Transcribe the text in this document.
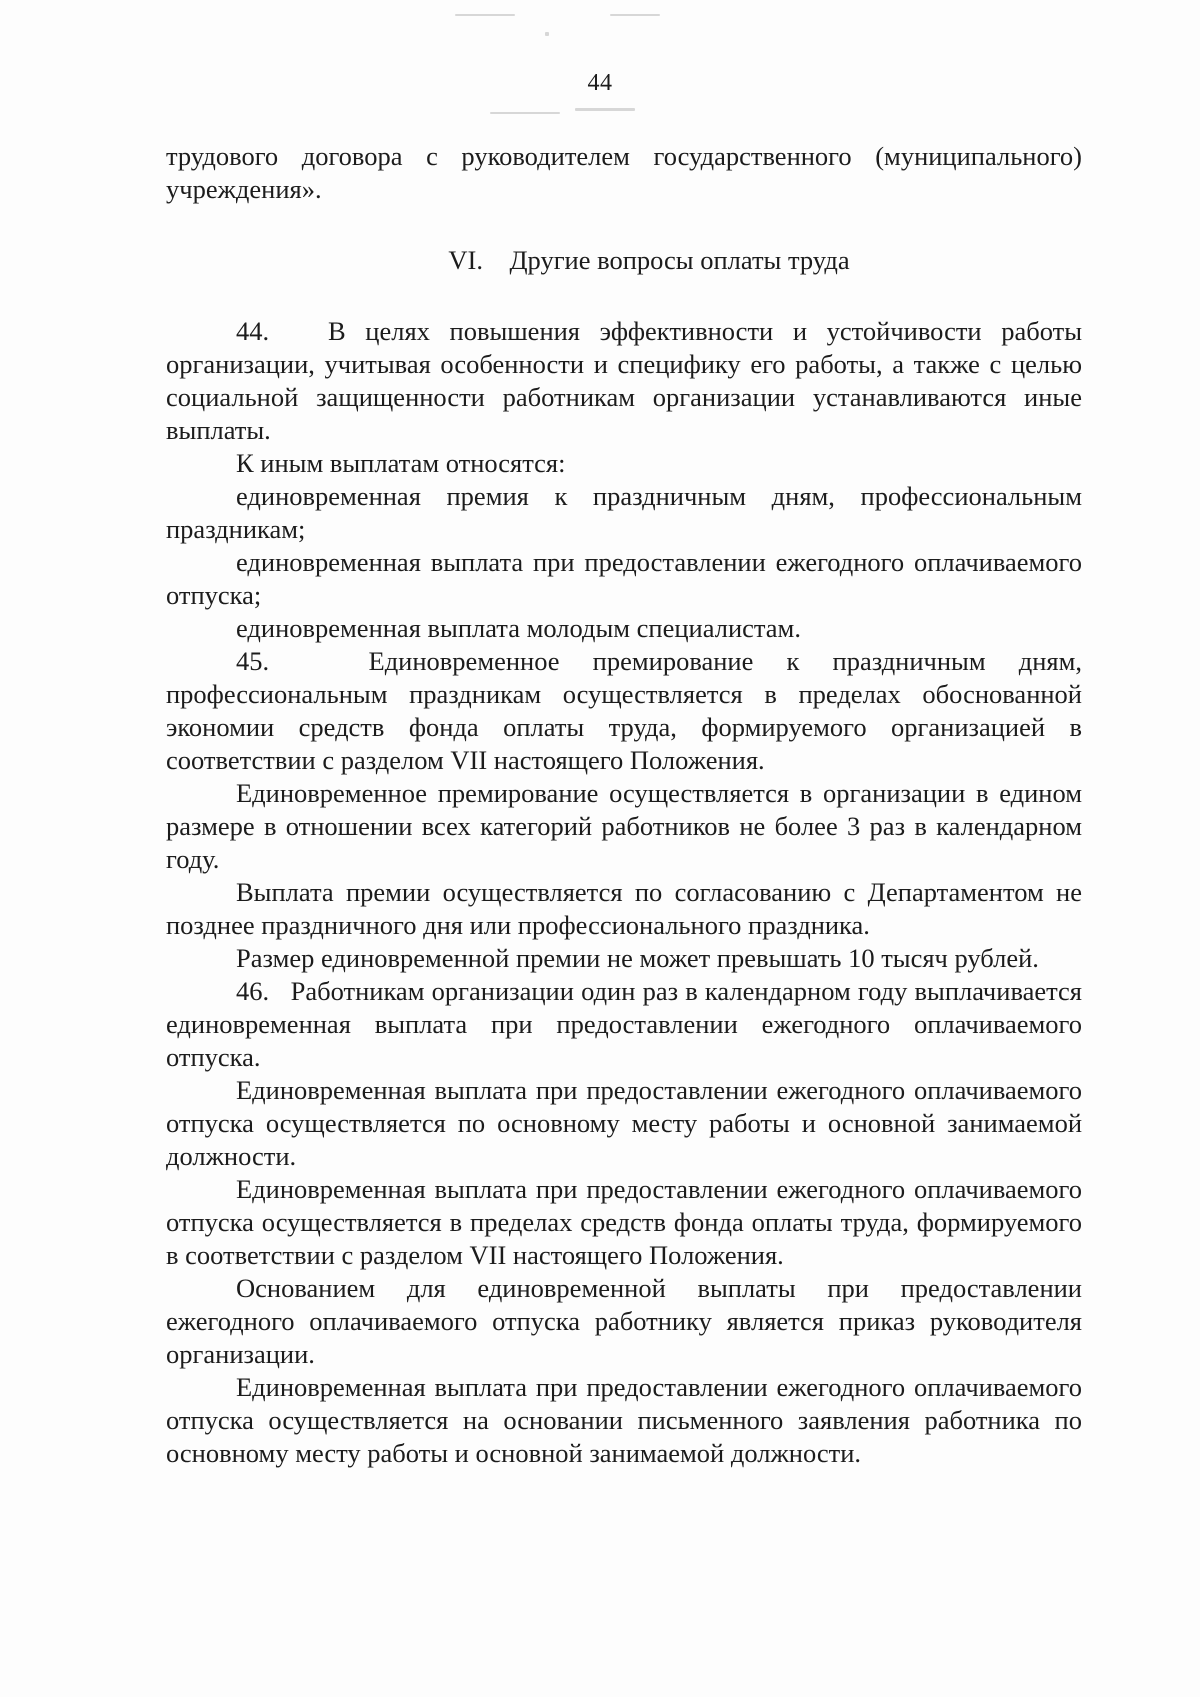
44

трудового договора с руководителем государственного (муниципального) учреждения».

VI.    Другие вопросы оплаты труда

44.   В целях повышения эффективности и устойчивости работы организации, учитывая особенности и специфику его работы, а также с целью социальной защищенности работникам организации устанавливаются иные выплаты.

К иным выплатам относятся:

единовременная премия к праздничным дням, профессиональным праздникам;

единовременная выплата при предоставлении ежегодного оплачиваемого отпуска;

единовременная выплата молодым специалистам.

45.   Единовременное премирование к праздничным дням, профессиональным праздникам осуществляется в пределах обоснованной экономии средств фонда оплаты труда, формируемого организацией в соответствии с разделом VII настоящего Положения.

Единовременное премирование осуществляется в организации в едином размере в отношении всех категорий работников не более 3 раз в календарном году.

Выплата премии осуществляется по согласованию с Департаментом не позднее праздничного дня или профессионального праздника.

Размер единовременной премии не может превышать 10 тысяч рублей.

46.   Работникам организации один раз в календарном году выплачивается единовременная выплата при предоставлении ежегодного оплачиваемого отпуска.

Единовременная выплата при предоставлении ежегодного оплачиваемого отпуска осуществляется по основному месту работы и основной занимаемой должности.

Единовременная выплата при предоставлении ежегодного оплачиваемого отпуска осуществляется в пределах средств фонда оплаты труда, формируемого в соответствии с разделом VII настоящего Положения.

Основанием для единовременной выплаты при предоставлении ежегодного оплачиваемого отпуска работнику является приказ руководителя организации.

Единовременная выплата при предоставлении ежегодного оплачиваемого отпуска осуществляется на основании письменного заявления работника по основному месту работы и основной занимаемой должности.
